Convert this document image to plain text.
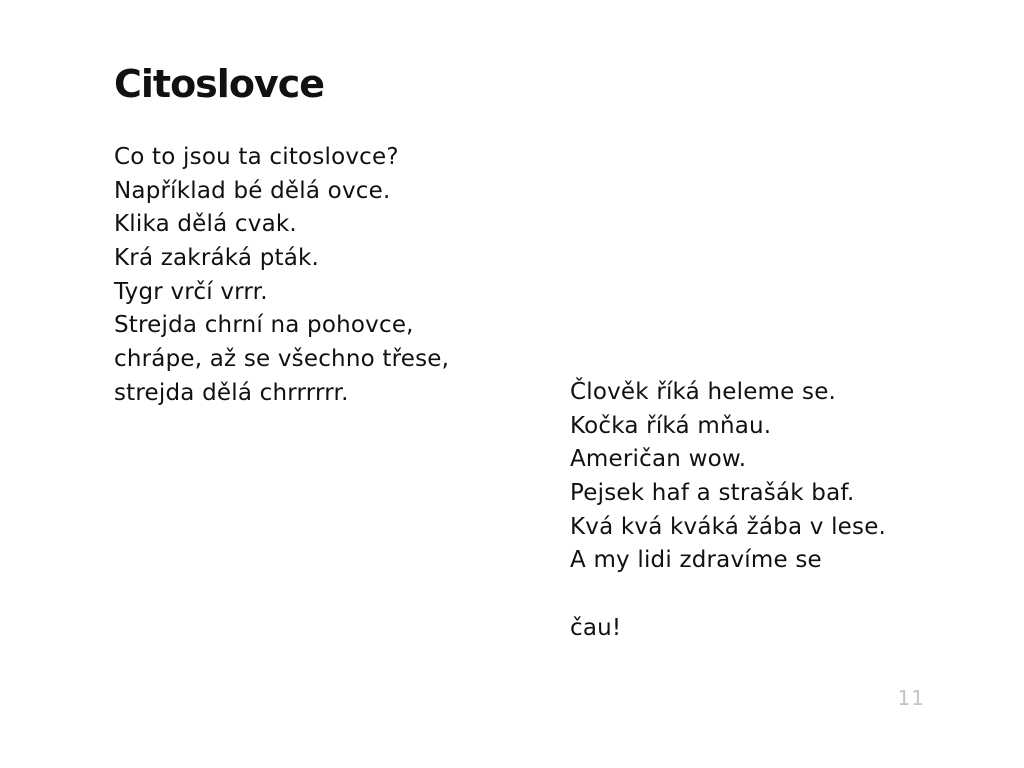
Citoslovce
Co to jsou ta citoslovce?
Například bé dělá ovce.
Klika dělá cvak.
Krá zakráká pták.
Tygr vrčí vrrr.
Strejda chrní na pohovce,
chrápe, až se všechno třese,
strejda dělá chrrrrrr.	Člověk říká heleme se.
Kočka říká mňau.
Američan wow.
Pejsek haf a strašák baf.
Kvá kvá kváká žába v lese.
A my lidi zdravíme se
čau!
11
